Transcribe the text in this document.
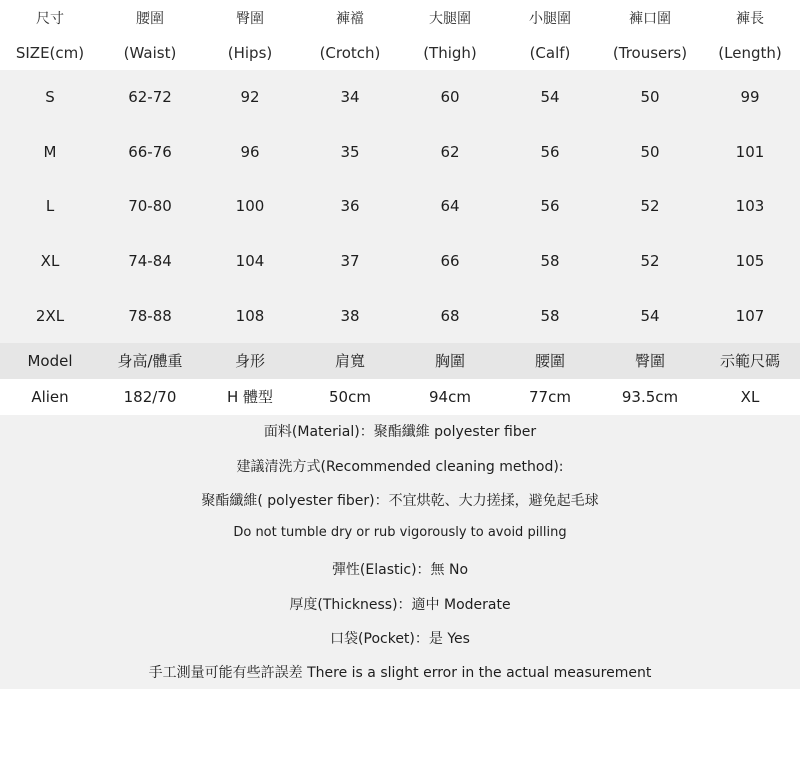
尺寸	腰圍	臀圍	褲襠	大腿圍	小腿圍	褲口圍	褲長
SIZE(cm)	(Waist)	(Hips)	(Crotch)	(Thigh)	(Calf)	(Trousers)	(Length)
S	62-72	92	34	60	54	50	99
M	66-76	96	35	62	56	50	101
L	70-80	100	36	64	56	52	103
XL	74-84	104	37	66	58	52	105
2XL	78-88	108	38	68	58	54	107
Model	身高/體重	身形	肩寬	胸圍	腰圍	臀圍	示範尺碼
Alien	182/70	H 體型	50cm	94cm	77cm	93.5cm	XL
面料(Material)：聚酯纖維 polyester fiber
建議清洗方式(Recommended cleaning method):
聚酯纖維( polyester fiber)：不宜烘乾、大力搓揉，避免起毛球
Do not tumble dry or rub vigorously to avoid pilling
彈性(Elastic)：無 No
厚度(Thickness)：適中 Moderate
口袋(Pocket)：是 Yes
手工測量可能有些許誤差 There is a slight error in the actual measurement
